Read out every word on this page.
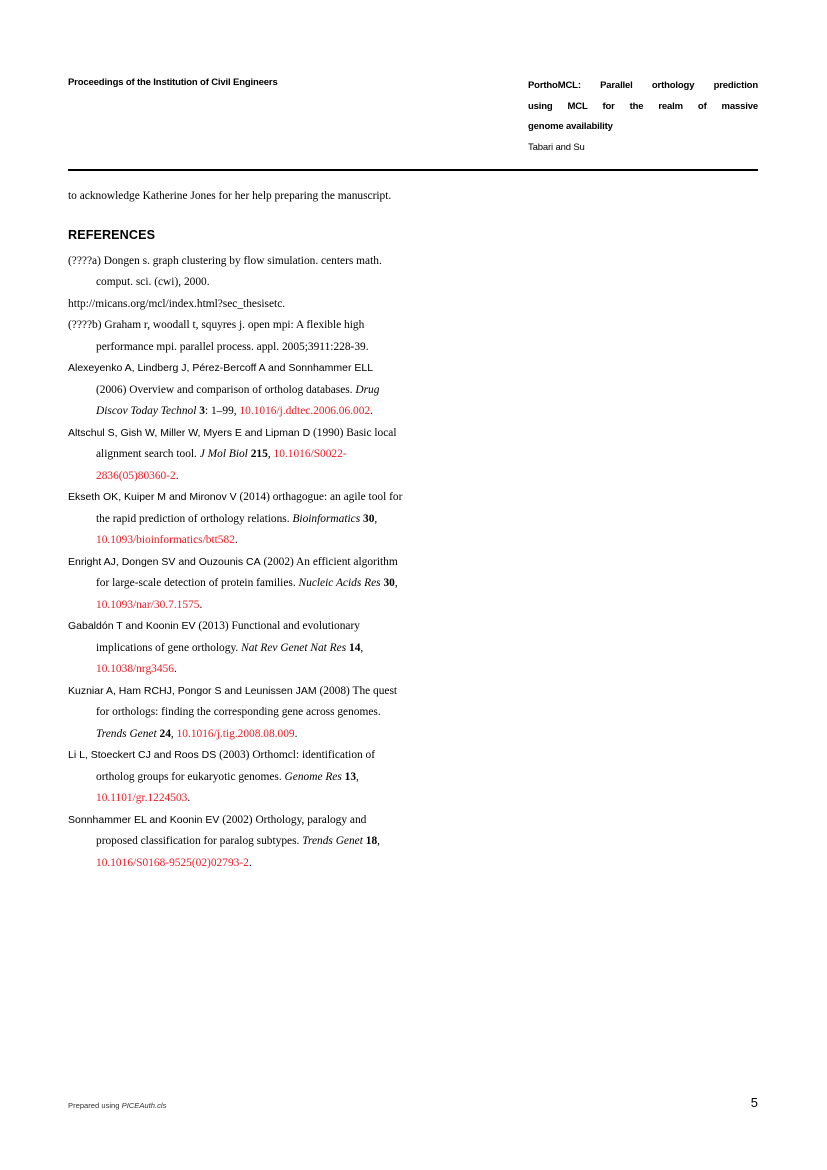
Proceedings of the Institution of Civil Engineers	PorthoMCL: Parallel orthology prediction
using MCL for the realm of massive
genome availability
Tabari and Su

to acknowledge Katherine Jones for her help preparing the manuscript.

REFERENCES

(????a) Dongen s. graph clustering by flow simulation. centers math. comput. sci. (cwi), 2000.

http://micans.org/mcl/index.html?sec_thesisetc.

(????b) Graham r, woodall t, squyres j. open mpi: A flexible high performance mpi. parallel process. appl. 2005;3911:228-39.

Alexeyenko A, Lindberg J, Pérez-Bercoff A and Sonnhammer ELL (2006) Overview and comparison of ortholog databases. Drug Discov Today Technol 3: 1–99, 10.1016/j.ddtec.2006.06.002.

Altschul S, Gish W, Miller W, Myers E and Lipman D (1990) Basic local alignment search tool. J Mol Biol 215, 10.1016/S0022-2836(05)80360-2.

Ekseth OK, Kuiper M and Mironov V (2014) orthagogue: an agile tool for the rapid prediction of orthology relations. Bioinformatics 30, 10.1093/bioinformatics/btt582.

Enright AJ, Dongen SV and Ouzounis CA (2002) An efficient algorithm for large-scale detection of protein families. Nucleic Acids Res 30, 10.1093/nar/30.7.1575.

Gabaldón T and Koonin EV (2013) Functional and evolutionary implications of gene orthology. Nat Rev Genet Nat Res 14, 10.1038/nrg3456.

Kuzniar A, Ham RCHJ, Pongor S and Leunissen JAM (2008) The quest for orthologs: finding the corresponding gene across genomes. Trends Genet 24, 10.1016/j.tig.2008.08.009.

Li L, Stoeckert CJ and Roos DS (2003) Orthomcl: identification of ortholog groups for eukaryotic genomes. Genome Res 13, 10.1101/gr.1224503.

Sonnhammer EL and Koonin EV (2002) Orthology, paralogy and proposed classification for paralog subtypes. Trends Genet 18, 10.1016/S0168-9525(02)02793-2.

Prepared using PICEAuth.cls	5
